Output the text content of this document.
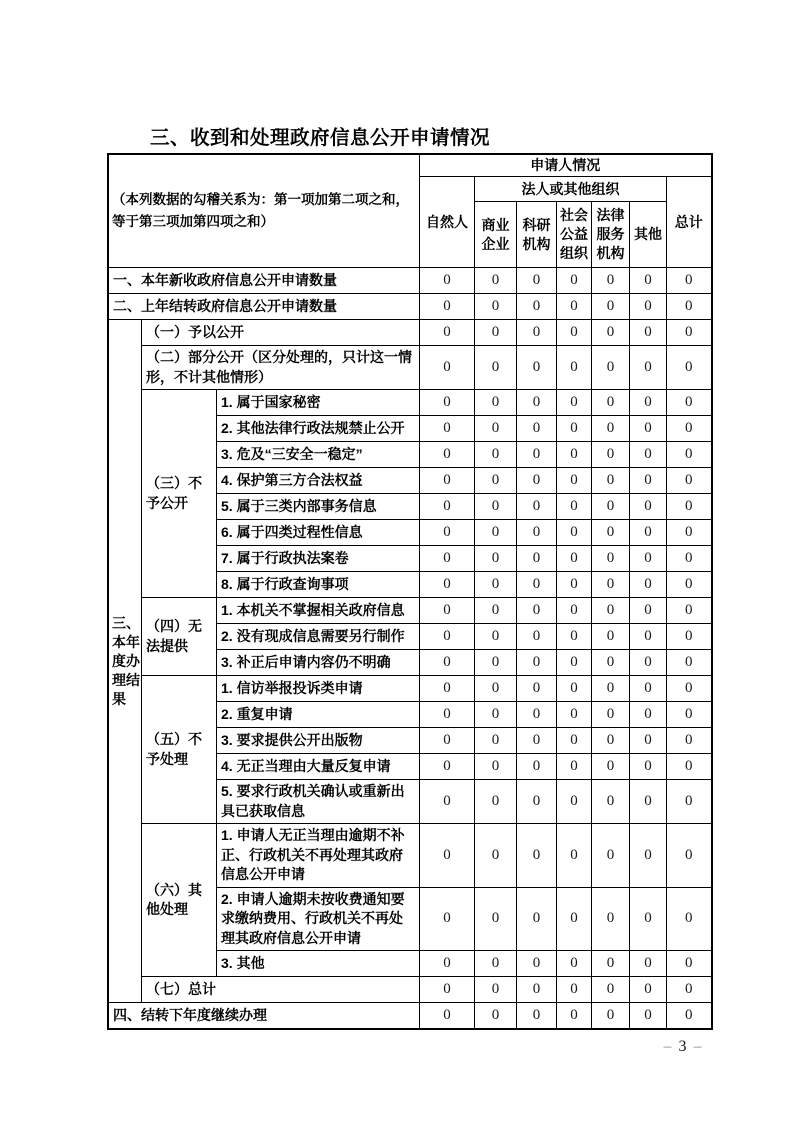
三、收到和处理政府信息公开申请情况
（本列数据的勾稽关系为：第一项加第二项之和，等于第三项加第四项之和）			申请人情况						
			自然人	法人或其他组织					总计
				商业企业	科研机构	社会公益组织	法律服务机构	其他	
一、本年新收政府信息公开申请数量			0	0	0	0	0	0	0
二、上年结转政府信息公开申请数量			0	0	0	0	0	0	0
三、本年度办理结果	（一）予以公开		0	0	0	0	0	0	0
	（二）部分公开（区分处理的，只计这一情形，不计其他情形）		0	0	0	0	0	0	0
	（三）不予公开	1. 属于国家秘密	0	0	0	0	0	0	0
		2. 其他法律行政法规禁止公开	0	0	0	0	0	0	0
		3. 危及“三安全一稳定”	0	0	0	0	0	0	0
		4. 保护第三方合法权益	0	0	0	0	0	0	0
		5. 属于三类内部事务信息	0	0	0	0	0	0	0
		6. 属于四类过程性信息	0	0	0	0	0	0	0
		7. 属于行政执法案卷	0	0	0	0	0	0	0
		8. 属于行政查询事项	0	0	0	0	0	0	0
	（四）无法提供	1. 本机关不掌握相关政府信息	0	0	0	0	0	0	0
		2. 没有现成信息需要另行制作	0	0	0	0	0	0	0
		3. 补正后申请内容仍不明确	0	0	0	0	0	0	0
	（五）不予处理	1. 信访举报投诉类申请	0	0	0	0	0	0	0
		2. 重复申请	0	0	0	0	0	0	0
		3. 要求提供公开出版物	0	0	0	0	0	0	0
		4. 无正当理由大量反复申请	0	0	0	0	0	0	0
		5. 要求行政机关确认或重新出具已获取信息	0	0	0	0	0	0	0
	（六）其他处理	1. 申请人无正当理由逾期不补正、行政机关不再处理其政府信息公开申请	0	0	0	0	0	0	0
		2. 申请人逾期未按收费通知要求缴纳费用、行政机关不再处理其政府信息公开申请	0	0	0	0	0	0	0
		3. 其他	0	0	0	0	0	0	0
	（七）总计		0	0	0	0	0	0	0
四、结转下年度继续办理			0	0	0	0	0	0	0
– 3 –
